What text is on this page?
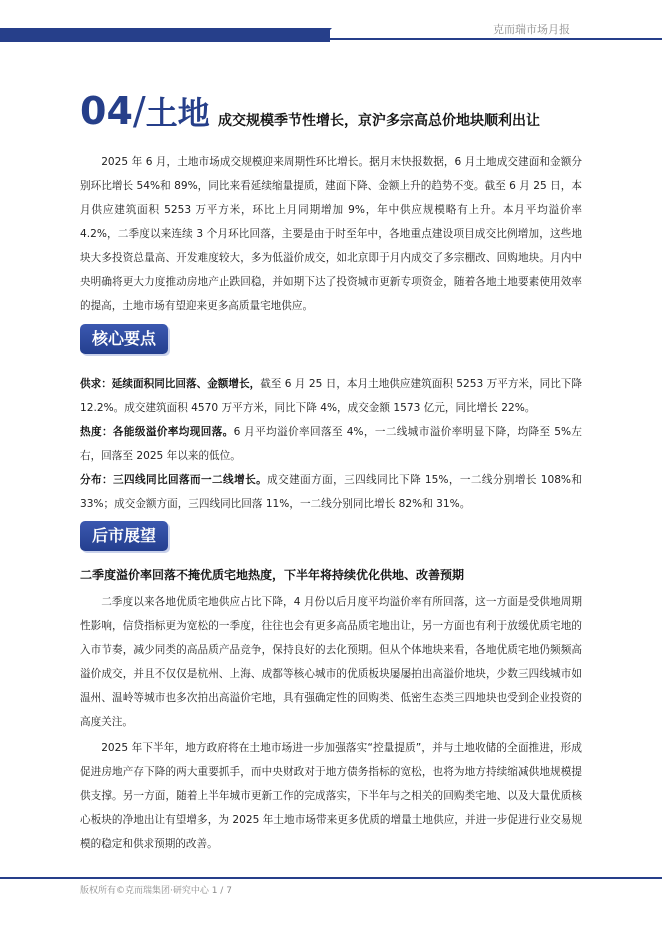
克而瑞市场月报
04/土地 成交规模季节性增长，京沪多宗高总价地块顺利出让

2025 年 6 月，土地市场成交规模迎来周期性环比增长。据月末快报数据，6 月土地成交建面和金额分别环比增长 54%和 89%，同比来看延续缩量提质，建面下降、金额上升的趋势不变。截至 6 月 25 日，本月供应建筑面积 5253 万平方米，环比上月同期增加 9%，年中供应规模略有上升。本月平均溢价率 4.2%，二季度以来连续 3 个月环比回落，主要是由于时至年中，各地重点建设项目成交比例增加，这些地块大多投资总量高、开发难度较大，多为低溢价成交，如北京即于月内成交了多宗棚改、回购地块。月内中央明确将更大力度推动房地产止跌回稳，并如期下达了投资城市更新专项资金，随着各地土地要素使用效率的提高，土地市场有望迎来更多高质量宅地供应。

核心要点

供求：延续面积同比回落、金额增长，截至 6 月 25 日，本月土地供应建筑面积 5253 万平方米，同比下降 12.2%。成交建筑面积 4570 万平方米，同比下降 4%，成交金额 1573 亿元，同比增长 22%。

热度：各能级溢价率均现回落。6 月平均溢价率回落至 4%，一二线城市溢价率明显下降，均降至 5%左右，回落至 2025 年以来的低位。

分布：三四线同比回落而一二线增长。成交建面方面，三四线同比下降 15%，一二线分别增长 108%和 33%；成交金额方面，三四线同比回落 11%，一二线分别同比增长 82%和 31%。

后市展望
二季度溢价率回落不掩优质宅地热度，下半年将持续优化供地、改善预期

二季度以来各地优质宅地供应占比下降，4 月份以后月度平均溢价率有所回落，这一方面是受供地周期性影响，信贷指标更为宽松的一季度，往往也会有更多高品质宅地出让，另一方面也有利于放缓优质宅地的入市节奏，减少同类的高品质产品竞争，保持良好的去化预期。但从个体地块来看，各地优质宅地仍频频高溢价成交，并且不仅仅是杭州、上海、成都等核心城市的优质板块屡屡拍出高溢价地块，少数三四线城市如温州、温岭等城市也多次拍出高溢价宅地，具有强确定性的回购类、低密生态类三四地块也受到企业投资的高度关注。

2025 年下半年，地方政府将在土地市场进一步加强落实“控量提质”，并与土地收储的全面推进，形成促进房地产存下降的两大重要抓手，而中央财政对于地方债务指标的宽松，也将为地方持续缩减供地规模提供支撑。另一方面，随着上半年城市更新工作的完成落实，下半年与之相关的回购类宅地、以及大量优质核心板块的净地出让有望增多，为 2025 年土地市场带来更多优质的增量土地供应，并进一步促进行业交易规模的稳定和供求预期的改善。

版权所有©克而瑞集团·研究中心 1 / 7
